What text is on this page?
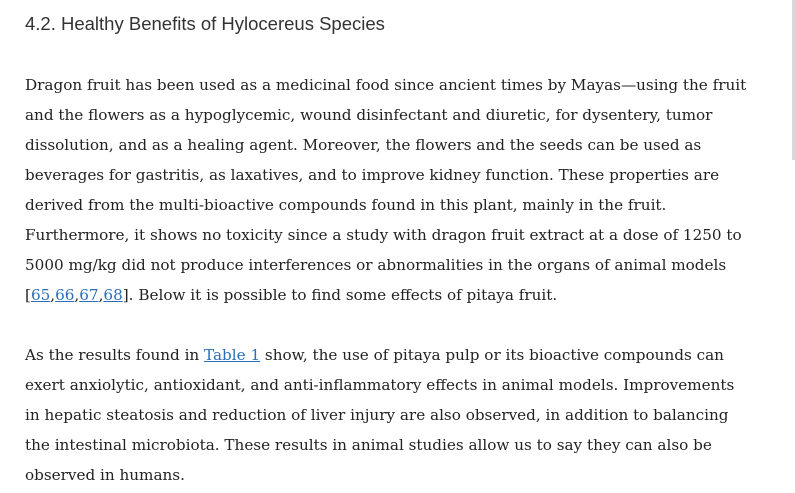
4.2. Healthy Benefits of Hylocereus Species

Dragon fruit has been used as a medicinal food since ancient times by Mayas—using the fruit
and the flowers as a hypoglycemic, wound disinfectant and diuretic, for dysentery, tumor
dissolution, and as a healing agent. Moreover, the flowers and the seeds can be used as
beverages for gastritis, as laxatives, and to improve kidney function. These properties are
derived from the multi-bioactive compounds found in this plant, mainly in the fruit.
Furthermore, it shows no toxicity since a study with dragon fruit extract at a dose of 1250 to
5000 mg/kg did not produce interferences or abnormalities in the organs of animal models
[65,66,67,68]. Below it is possible to find some effects of pitaya fruit.

As the results found in Table 1 show, the use of pitaya pulp or its bioactive compounds can
exert anxiolytic, antioxidant, and anti-inflammatory effects in animal models. Improvements
in hepatic steatosis and reduction of liver injury are also observed, in addition to balancing
the intestinal microbiota. These results in animal studies allow us to say they can also be
observed in humans.
